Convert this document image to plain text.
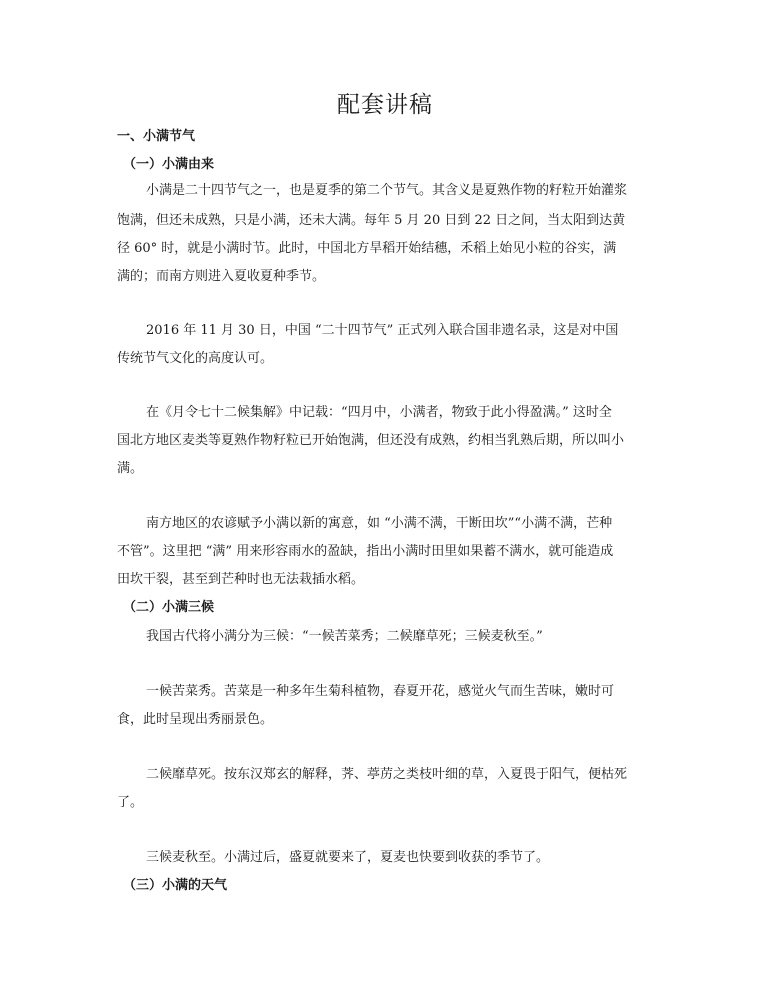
配套讲稿
一、小满节气
（一）小满由来

小满是二十四节气之一，也是夏季的第二个节气。其含义是夏熟作物的籽粒开始灌浆

饱满，但还未成熟，只是小满，还未大满。每年 5 月 20 日到 22 日之间，当太阳到达黄

径 60° 时，就是小满时节。此时，中国北方旱稻开始结穗，禾稻上始见小粒的谷实，满

满的；而南方则进入夏收夏种季节。

2016 年 11 月 30 日，中国 “二十四节气” 正式列入联合国非遗名录，这是对中国

传统节气文化的高度认可。

在《月令七十二候集解》中记载：“四月中，小满者，物致于此小得盈满。” 这时全

国北方地区麦类等夏熟作物籽粒已开始饱满，但还没有成熟，约相当乳熟后期，所以叫小

满。

南方地区的农谚赋予小满以新的寓意，如 “小满不满，干断田坎”“小满不满，芒种

不管”。这里把 “满” 用来形容雨水的盈缺，指出小满时田里如果蓄不满水，就可能造成

田坎干裂，甚至到芒种时也无法栽插水稻。

（二）小满三候

我国古代将小满分为三候：“一候苦菜秀；二候靡草死；三候麦秋至。”

一候苦菜秀。苦菜是一种多年生菊科植物，春夏开花，感觉火气而生苦味，嫩时可

食，此时呈现出秀丽景色。

二候靡草死。按东汉郑玄的解释，荠、葶苈之类枝叶细的草，入夏畏于阳气，便枯死

了。

三候麦秋至。小满过后，盛夏就要来了，夏麦也快要到收获的季节了。

（三）小满的天气
